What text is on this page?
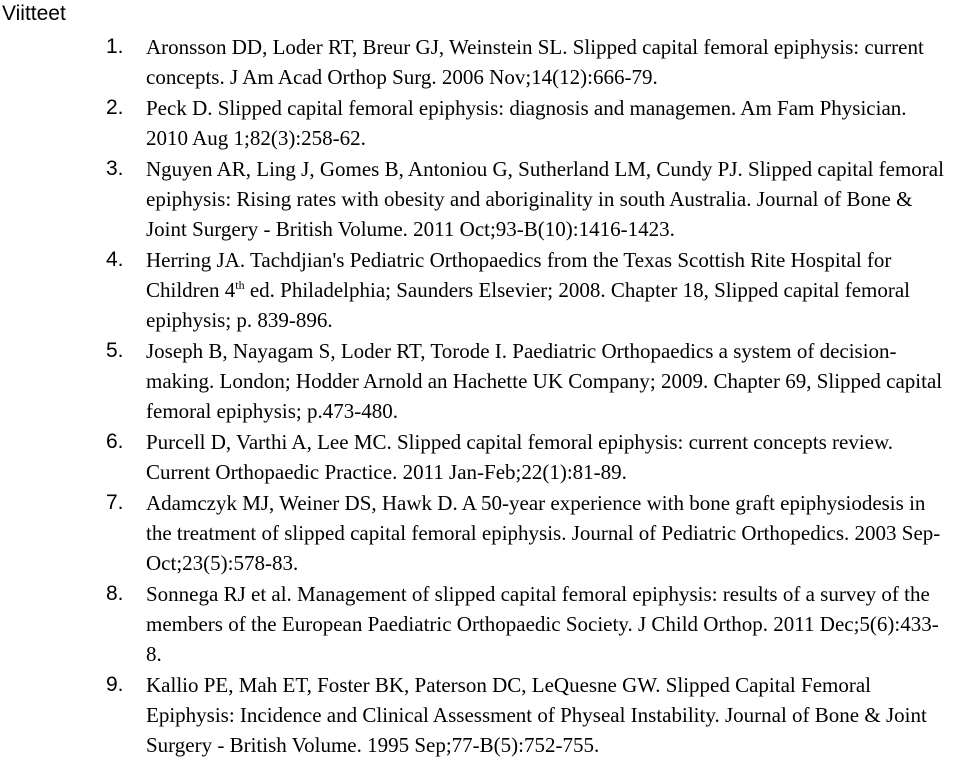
Viitteet
1. Aronsson DD, Loder RT, Breur GJ, Weinstein SL. Slipped capital femoral epiphysis: current concepts. J Am Acad Orthop Surg. 2006 Nov;14(12):666-79.
2. Peck D. Slipped capital femoral epiphysis: diagnosis and managemen. Am Fam Physician. 2010 Aug 1;82(3):258-62.
3. Nguyen AR, Ling J, Gomes B, Antoniou G, Sutherland LM, Cundy PJ. Slipped capital femoral epiphysis: Rising rates with obesity and aboriginality in south Australia. Journal of Bone & Joint Surgery - British Volume. 2011 Oct;93-B(10):1416-1423.
4. Herring JA. Tachdjian's Pediatric Orthopaedics from the Texas Scottish Rite Hospital for Children 4th ed. Philadelphia; Saunders Elsevier; 2008. Chapter 18, Slipped capital femoral epiphysis; p. 839-896.
5. Joseph B, Nayagam S, Loder RT, Torode I. Paediatric Orthopaedics a system of decision-making. London; Hodder Arnold an Hachette UK Company; 2009. Chapter 69, Slipped capital femoral epiphysis; p.473-480.
6. Purcell D, Varthi A, Lee MC. Slipped capital femoral epiphysis: current concepts review. Current Orthopaedic Practice. 2011 Jan-Feb;22(1):81-89.
7. Adamczyk MJ, Weiner DS, Hawk D. A 50-year experience with bone graft epiphysiodesis in the treatment of slipped capital femoral epiphysis. Journal of Pediatric Orthopedics. 2003 Sep-Oct;23(5):578-83.
8. Sonnega RJ et al. Management of slipped capital femoral epiphysis: results of a survey of the members of the European Paediatric Orthopaedic Society. J Child Orthop. 2011 Dec;5(6):433-8.
9. Kallio PE, Mah ET, Foster BK, Paterson DC, LeQuesne GW. Slipped Capital Femoral Epiphysis: Incidence and Clinical Assessment of Physeal Instability. Journal of Bone & Joint Surgery - British Volume. 1995 Sep;77-B(5):752-755.
